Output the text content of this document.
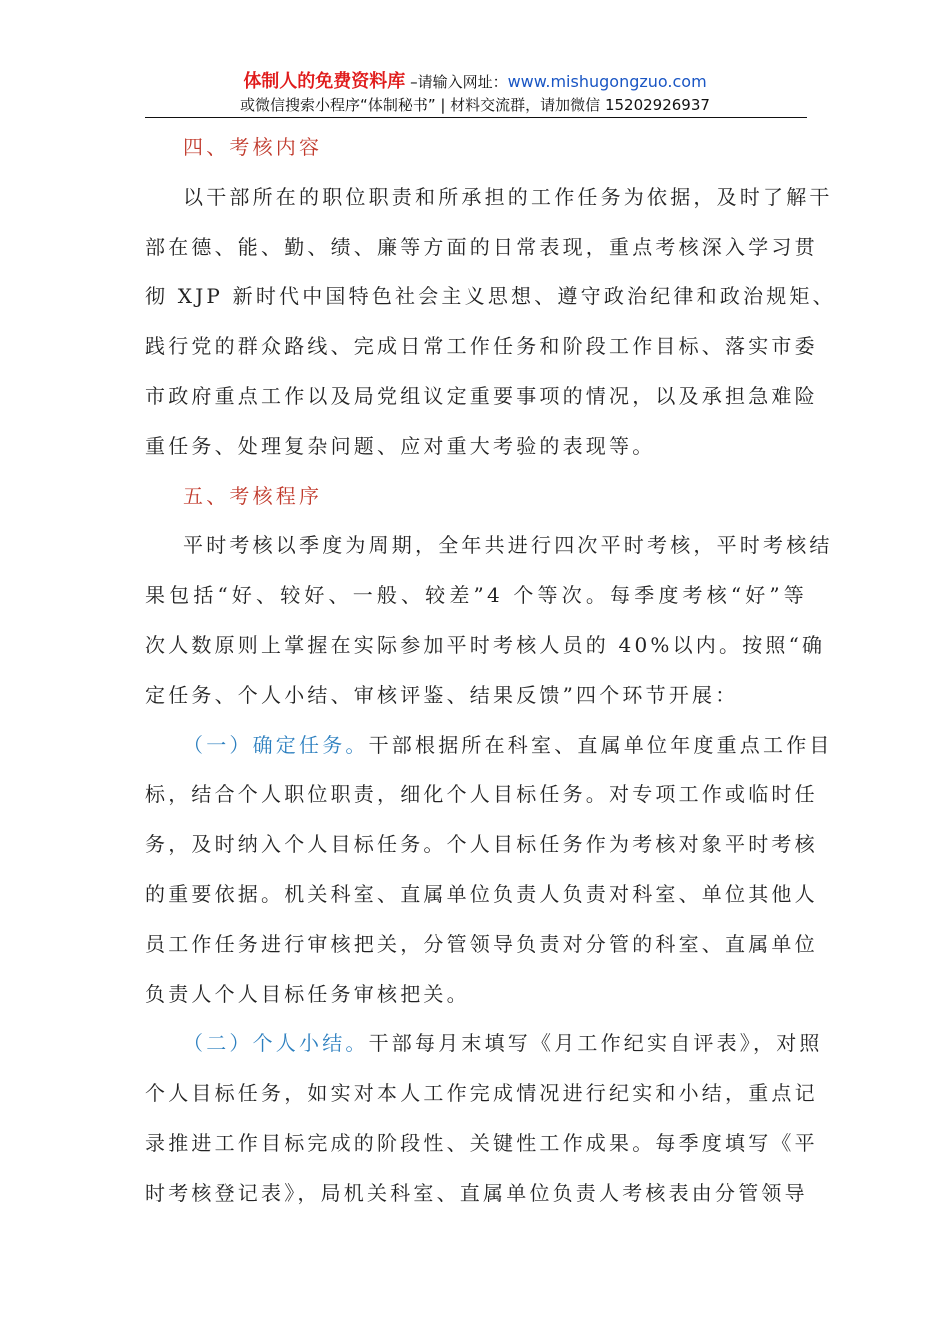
体制人的免费资料库 –请输入网址：www.mishugongzuo.com
或微信搜索小程序“体制秘书” | 材料交流群，请加微信 15202926937
四、考核内容
以干部所在的职位职责和所承担的工作任务为依据，及时了解干
部在德、能、勤、绩、廉等方面的日常表现，重点考核深入学习贯
彻 XJP 新时代中国特色社会主义思想、遵守政治纪律和政治规矩、
践行党的群众路线、完成日常工作任务和阶段工作目标、落实市委
市政府重点工作以及局党组议定重要事项的情况，以及承担急难险
重任务、处理复杂问题、应对重大考验的表现等。
五、考核程序
平时考核以季度为周期，全年共进行四次平时考核，平时考核结
果包括“好、较好、一般、较差”4 个等次。每季度考核“好”等
次人数原则上掌握在实际参加平时考核人员的 40%以内。按照“确
定任务、个人小结、审核评鉴、结果反馈”四个环节开展：
（一）确定任务。干部根据所在科室、直属单位年度重点工作目
标，结合个人职位职责，细化个人目标任务。对专项工作或临时任
务，及时纳入个人目标任务。个人目标任务作为考核对象平时考核
的重要依据。机关科室、直属单位负责人负责对科室、单位其他人
员工作任务进行审核把关，分管领导负责对分管的科室、直属单位
负责人个人目标任务审核把关。
（二）个人小结。干部每月末填写《月工作纪实自评表》，对照
个人目标任务，如实对本人工作完成情况进行纪实和小结，重点记
录推进工作目标完成的阶段性、关键性工作成果。每季度填写《平
时考核登记表》，局机关科室、直属单位负责人考核表由分管领导
